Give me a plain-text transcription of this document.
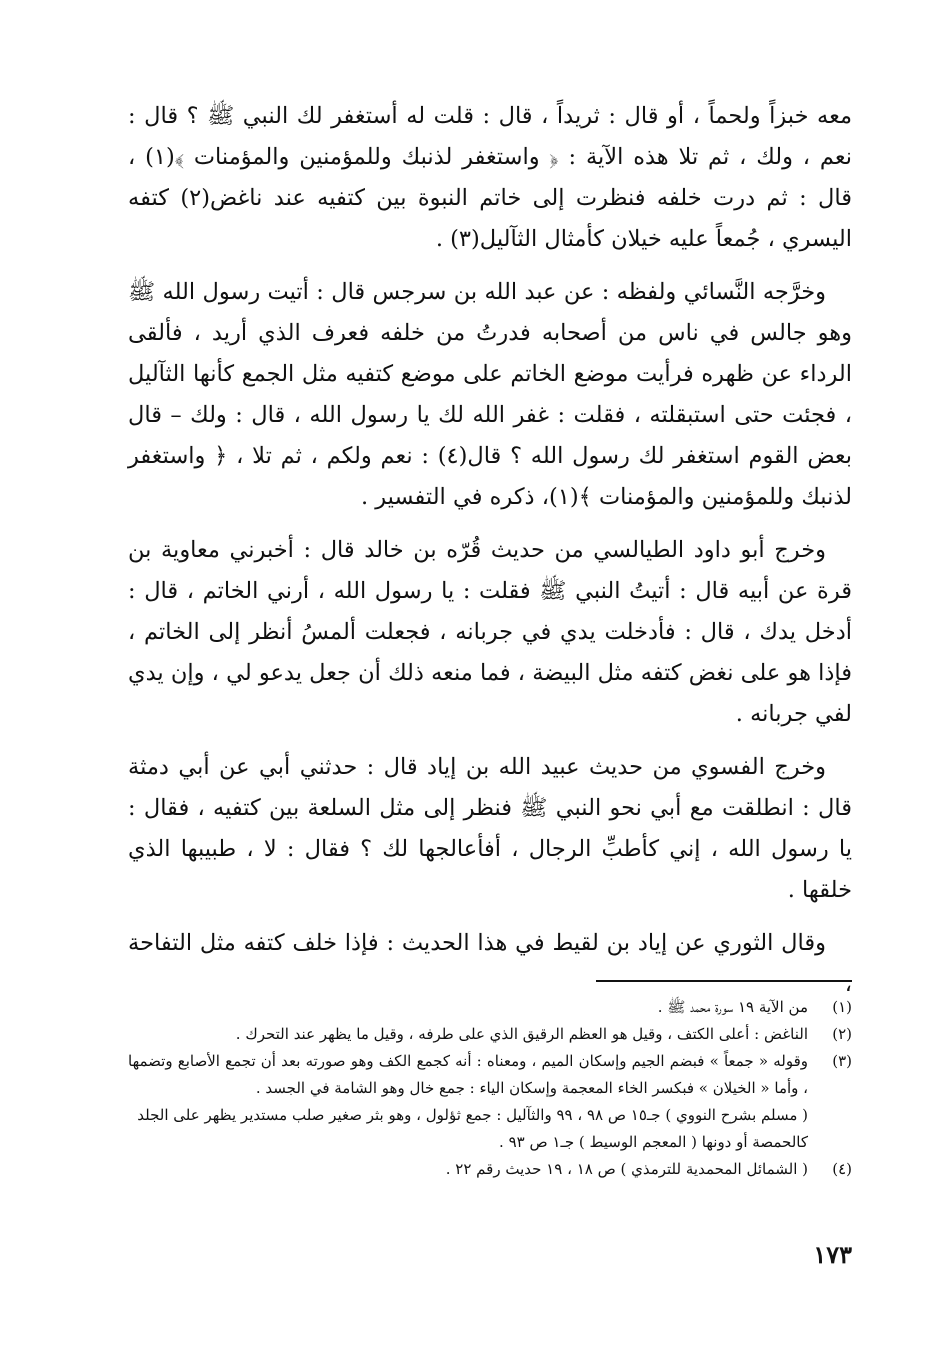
معه خبزاً ولحماً ، أو قال : ثريداً ، قال : قلت له أستغفر لك النبي ﷺ ؟ قال : نعم ، ولك ، ثم تلا هذه الآية : ﴿ واستغفر لذنبك وللمؤمنين والمؤمنات ﴾(١) ، قال : ثم درت خلفه فنظرت إلى خاتم النبوة بين كتفيه عند ناغض(٢) كتفه اليسري ، جُمعاً عليه خيلان كأمثال الثآليل(٣) .

وخرَّجه النَّسائي ولفظه : عن عبد الله بن سرجس قال : أتيت رسول الله ﷺ وهو جالس في ناس من أصحابه فدرتُ من خلفه فعرف الذي أريد ، فألقى الرداء عن ظهره فرأيت موضع الخاتم على موضع كتفيه مثل الجمع كأنها الثآليل ، فجئت حتى استبقلته ، فقلت : غفر الله لك يا رسول الله ، قال : ولك – قال بعض القوم استغفر لك رسول الله ؟ قال(٤) : نعم ولكم ، ثم تلا ، ﴿ واستغفر لذنبك وللمؤمنين والمؤمنات ﴾(١)، ذكره في التفسير .

وخرج أبو داود الطيالسي من حديث قُرّه بن خالد قال : أخبرني معاوية بن قرة عن أبيه قال : أتيتُ النبي ﷺ فقلت : يا رسول الله ، أرني الخاتم ، قال : أدخل يدك ، قال : فأدخلت يدي في جربانه ، فجعلت ألمسُ أنظر إلى الخاتم ، فإذا هو على نغض كتفه مثل البيضة ، فما منعه ذلك أن جعل يدعو لي ، وإن يدي لفي جربانه .

وخرج الفسوي من حديث عبيد الله بن إياد قال : حدثني أبي عن أبي دمثة قال : انطلقت مع أبي نحو النبي ﷺ فنظر إلى مثل السلعة بين كتفيه ، فقال : يا رسول الله ، إني كأطبِّ الرجال ، أفأعالجها لك ؟ فقال : لا ، طبيبها الذي خلقها .

وقال الثوري عن إياد بن لقيط في هذا الحديث : فإذا خلف كتفه مثل التفاحة ،

(١)
من الآية ١٩ سورة محمد ﷺ .
(٢)
الناغض : أعلى الكتف ، وقيل هو العظم الرقيق الذي على طرفه ، وقيل ما يظهر عند التحرك .
(٣)
وقوله « جمعاً » فبضم الجيم وإسكان الميم ، ومعناه : أنه كجمع الكف وهو صورته بعد أن تجمع الأصابع وتضمها ، وأما « الخيلان » فبكسر الخاء المعجمة وإسكان الياء : جمع خال وهو الشامة في الجسد .
( مسلم بشرح النووي ) جـ١٥ ص ٩٨ ، ٩٩ والثآليل : جمع ثؤلول ، وهو بثر صغير صلب مستدير يظهر على الجلد كالحمصة أو دونها ( المعجم الوسيط ) جـ١ ص ٩٣ .
(٤)
( الشمائل المحمدية للترمذي ) ص ١٨ ، ١٩ حديث رقم ٢٢ .
١٧٣
